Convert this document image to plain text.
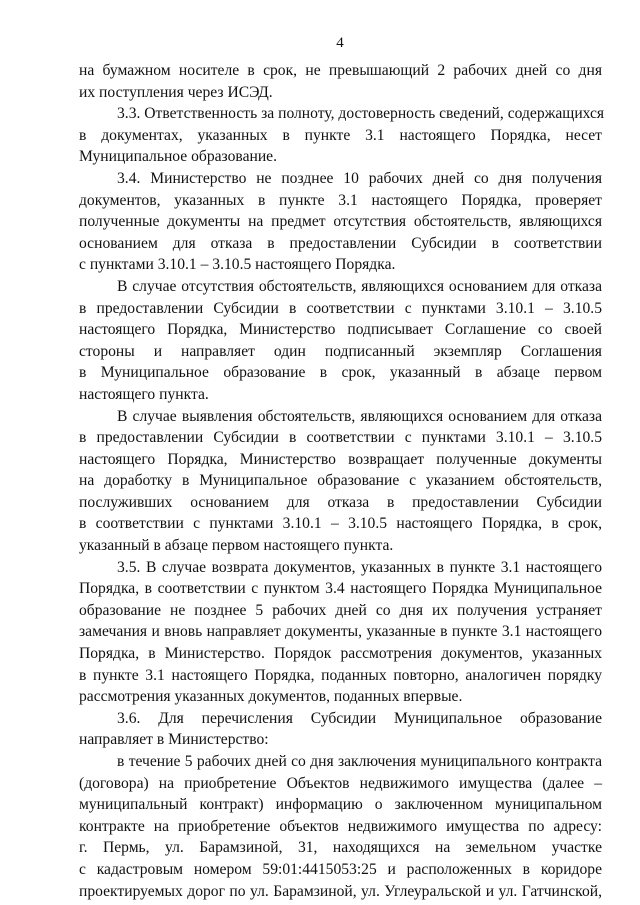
4
на бумажном носителе в срок, не превышающий 2 рабочих дней со дня
их поступления через ИСЭД.
3.3. Ответственность за полноту, достоверность сведений, содержащихся
в документах, указанных в пункте 3.1 настоящего Порядка, несет
Муниципальное образование.
3.4. Министерство не позднее 10 рабочих дней со дня получения
документов, указанных в пункте 3.1 настоящего Порядка, проверяет
полученные документы на предмет отсутствия обстоятельств, являющихся
основанием для отказа в предоставлении Субсидии в соответствии
с пунктами 3.10.1 – 3.10.5 настоящего Порядка.
В случае отсутствия обстоятельств, являющихся основанием для отказа
в предоставлении Субсидии в соответствии с пунктами 3.10.1 – 3.10.5
настоящего Порядка, Министерство подписывает Соглашение со своей
стороны и направляет один подписанный экземпляр Соглашения
в Муниципальное образование в срок, указанный в абзаце первом
настоящего пункта.
В случае выявления обстоятельств, являющихся основанием для отказа
в предоставлении Субсидии в соответствии с пунктами 3.10.1 – 3.10.5
настоящего Порядка, Министерство возвращает полученные документы
на доработку в Муниципальное образование с указанием обстоятельств,
послуживших основанием для отказа в предоставлении Субсидии
в соответствии с пунктами 3.10.1 – 3.10.5 настоящего Порядка, в срок,
указанный в абзаце первом настоящего пункта.
3.5. В случае возврата документов, указанных в пункте 3.1 настоящего
Порядка, в соответствии с пунктом 3.4 настоящего Порядка Муниципальное
образование не позднее 5 рабочих дней со дня их получения устраняет
замечания и вновь направляет документы, указанные в пункте 3.1 настоящего
Порядка, в Министерство. Порядок рассмотрения документов, указанных
в пункте 3.1 настоящего Порядка, поданных повторно, аналогичен порядку
рассмотрения указанных документов, поданных впервые.
3.6. Для перечисления Субсидии Муниципальное образование
направляет в Министерство:
в течение 5 рабочих дней со дня заключения муниципального контракта
(договора) на приобретение Объектов недвижимого имущества (далее –
муниципальный контракт) информацию о заключенном муниципальном
контракте на приобретение объектов недвижимого имущества по адресу:
г. Пермь, ул. Барамзиной, 31, находящихся на земельном участке
с кадастровым номером 59:01:4415053:25 и расположенных в коридоре
проектируемых дорог по ул. Барамзиной, ул. Углеуральской и ул. Гатчинской,
